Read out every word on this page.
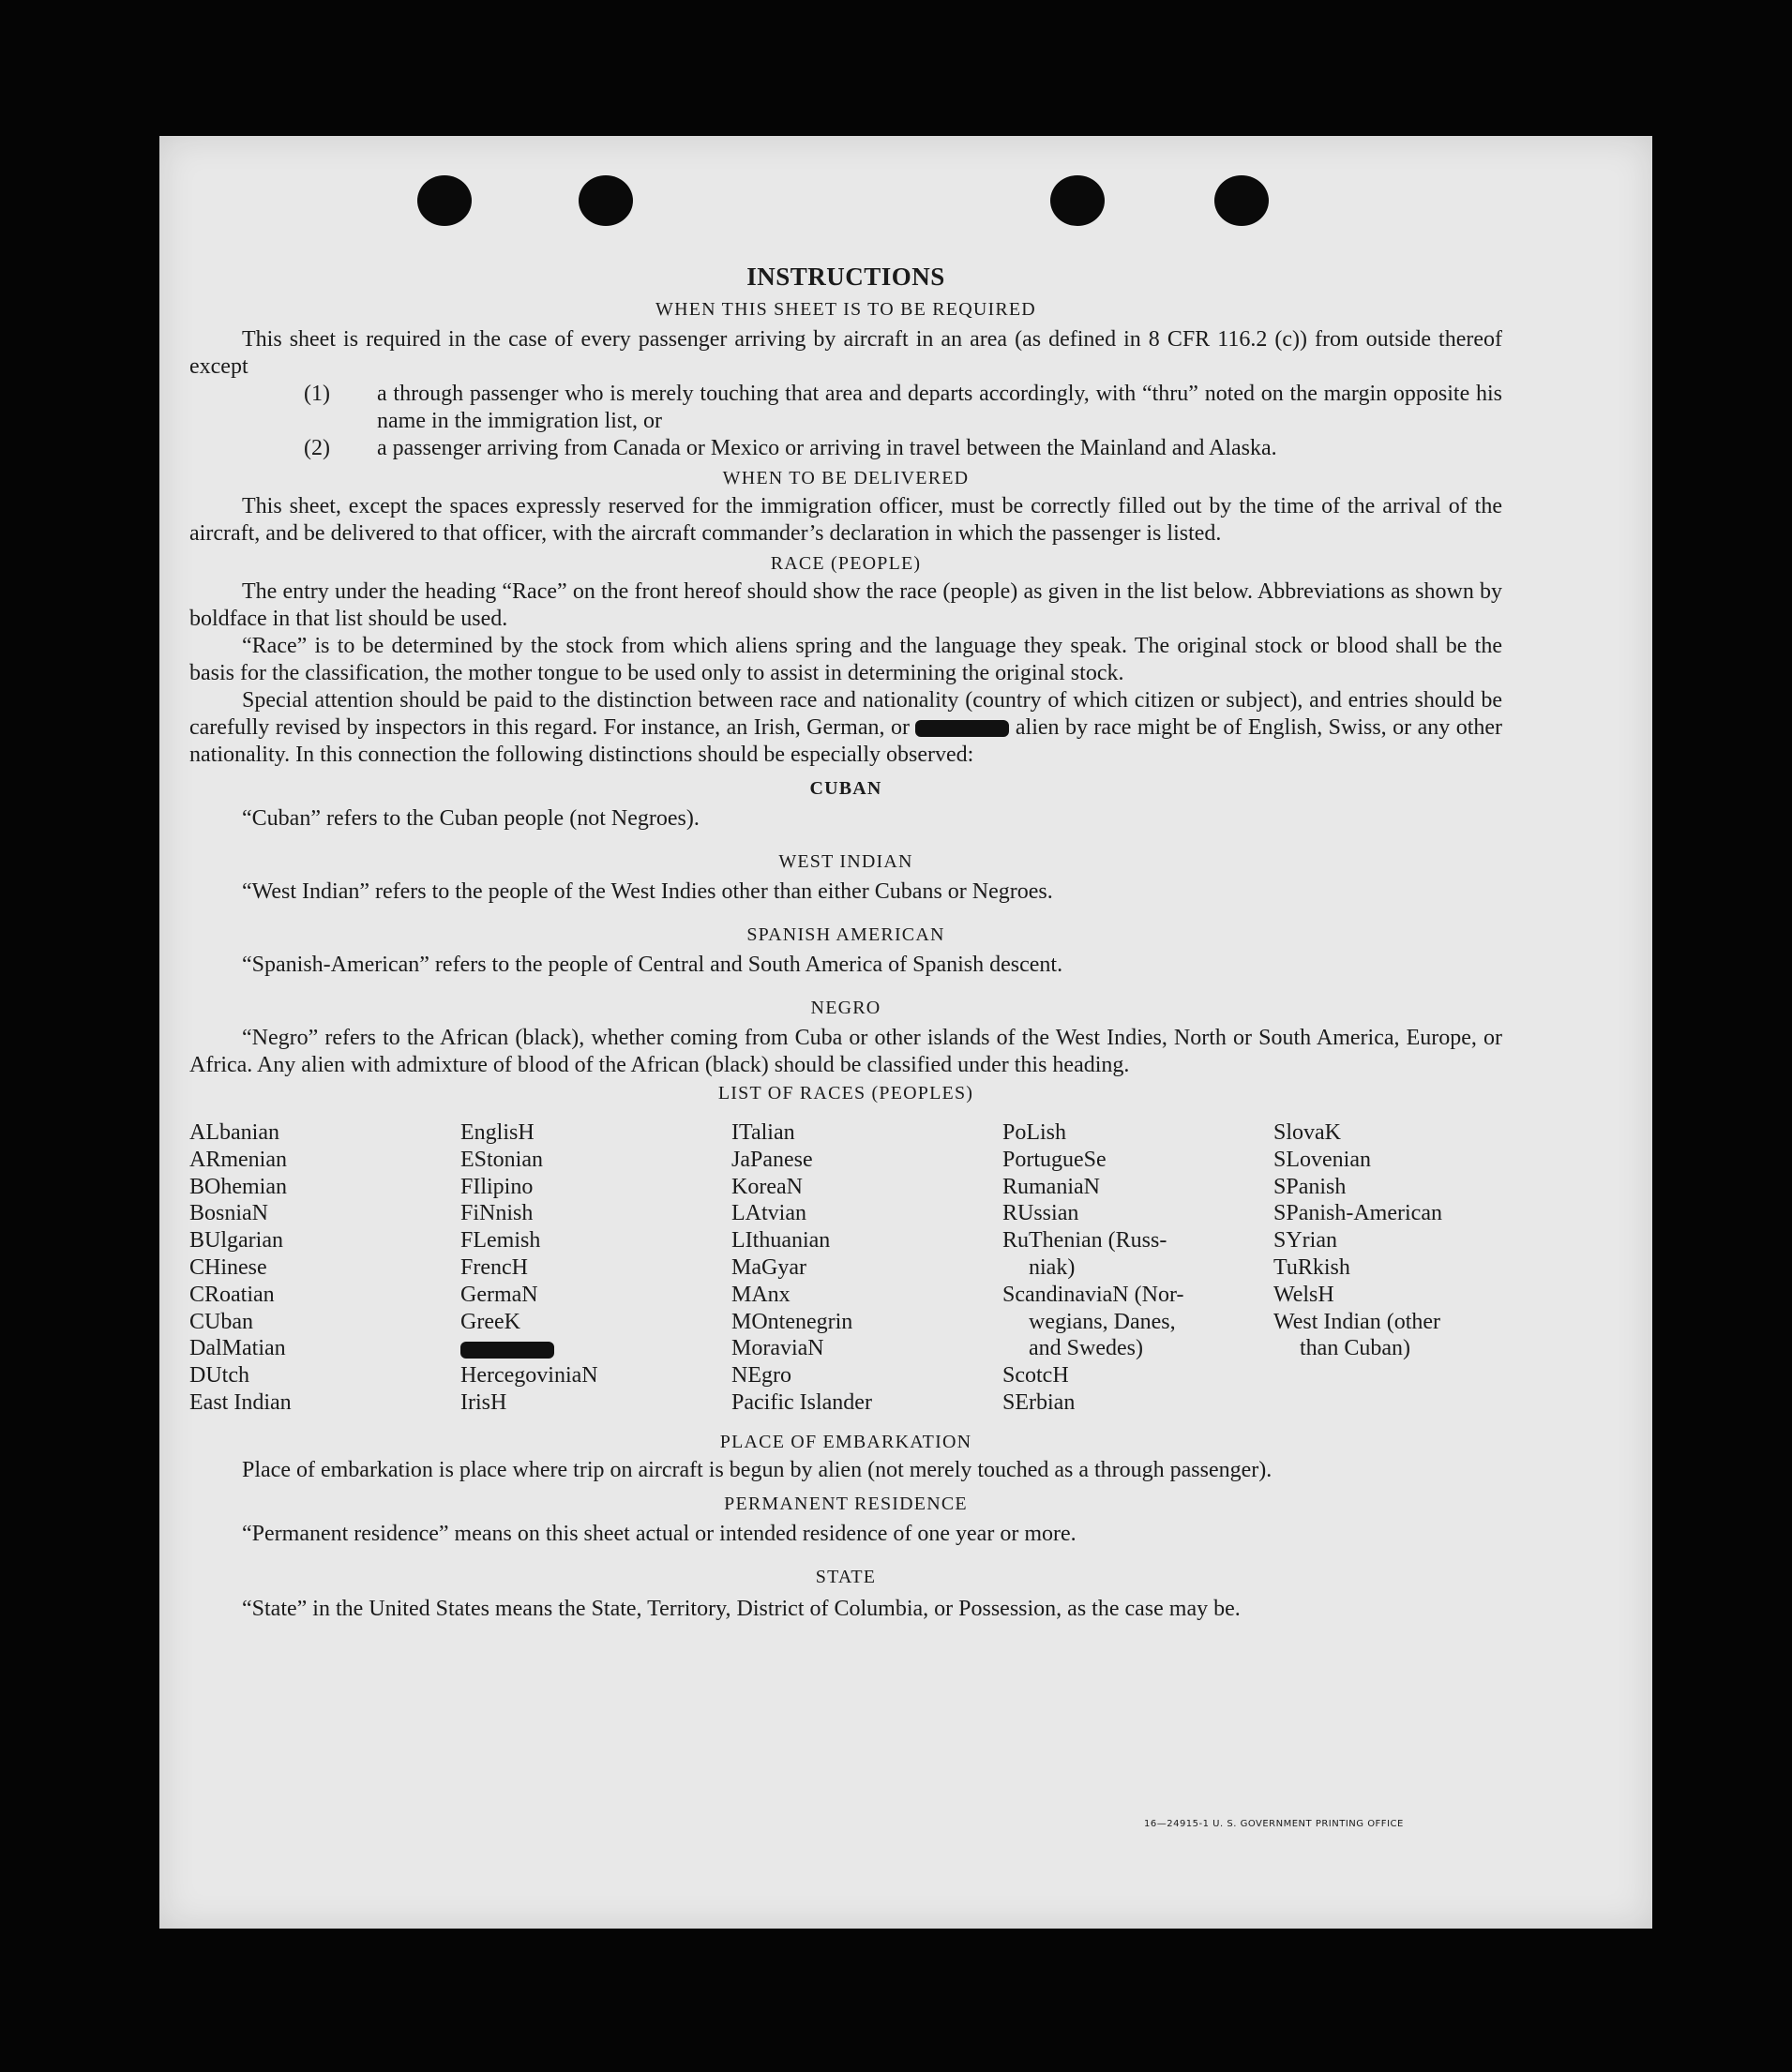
INSTRUCTIONS
WHEN THIS SHEET IS TO BE REQUIRED

This sheet is required in the case of every passenger arriving by aircraft in an area (as defined in 8 CFR 116.2 (c)) from outside thereof except

(1) a through passenger who is merely touching that area and departs accordingly, with “thru” noted on the margin opposite his name in the immigration list, or
(2) a passenger arriving from Canada or Mexico or arriving in travel between the Mainland and Alaska.
WHEN TO BE DELIVERED

This sheet, except the spaces expressly reserved for the immigration officer, must be correctly filled out by the time of the arrival of the aircraft, and be delivered to that officer, with the aircraft commander’s declaration in which the passenger is listed.

RACE (PEOPLE)

The entry under the heading “Race” on the front hereof should show the race (people) as given in the list below. Abbreviations as shown by boldface in that list should be used.

“Race” is to be determined by the stock from which aliens spring and the language they speak. The original stock or blood shall be the basis for the classification, the mother tongue to be used only to assist in determining the original stock.

Special attention should be paid to the distinction between race and nationality (country of which citizen or subject), and entries should be carefully revised by inspectors in this regard. For instance, an Irish, German, or	alien by race might be of English, Swiss, or any other nationality. In this connection the following distinctions should be especially observed:

CUBAN
“Cuban” refers to the Cuban people (not Negroes).
WEST INDIAN
“West Indian” refers to the people of the West Indies other than either Cubans or Negroes.
SPANISH AMERICAN
“Spanish-American” refers to the people of Central and South America of Spanish descent.
NEGRO

“Negro” refers to the African (black), whether coming from Cuba or other islands of the West Indies, North or South America, Europe, or Africa. Any alien with admixture of blood of the African (black) should be classified under this heading.

LIST OF RACES (PEOPLES)
ALbanian
ARmenian
BOhemian
BosniaN
BUlgarian
CHinese
CRoatian
CUban
DalMatian
DUtch
East Indian
EnglisH
EStonian
FIlipino
FiNnish
FLemish
FrencH
GermaN
GreeK
HercegoviniaN
IrisH
ITalian
JaPanese
KoreaN
LAtvian
LIthuanian
MaGyar
MAnx
MOntenegrin
MoraviaN
NEgro
Pacific Islander
PoLish
PortugueSe
RumaniaN
RUssian
RuThenian (Russ-
niak)
ScandinaviaN (Nor-
wegians, Danes,
and Swedes)
ScotcH
SErbian
SlovaK
SLovenian
SPanish
SPanish-American
SYrian
TuRkish
WelsH
West Indian (other
than Cuban)
PLACE OF EMBARKATION

Place of embarkation is place where trip on aircraft is begun by alien (not merely touched as a through passenger).

PERMANENT RESIDENCE
“Permanent residence” means on this sheet actual or intended residence of one year or more.
STATE

“State” in the United States means the State, Territory, District of Columbia, or Possession, as the case may be.

16—24915-1 U. S. GOVERNMENT PRINTING OFFICE
